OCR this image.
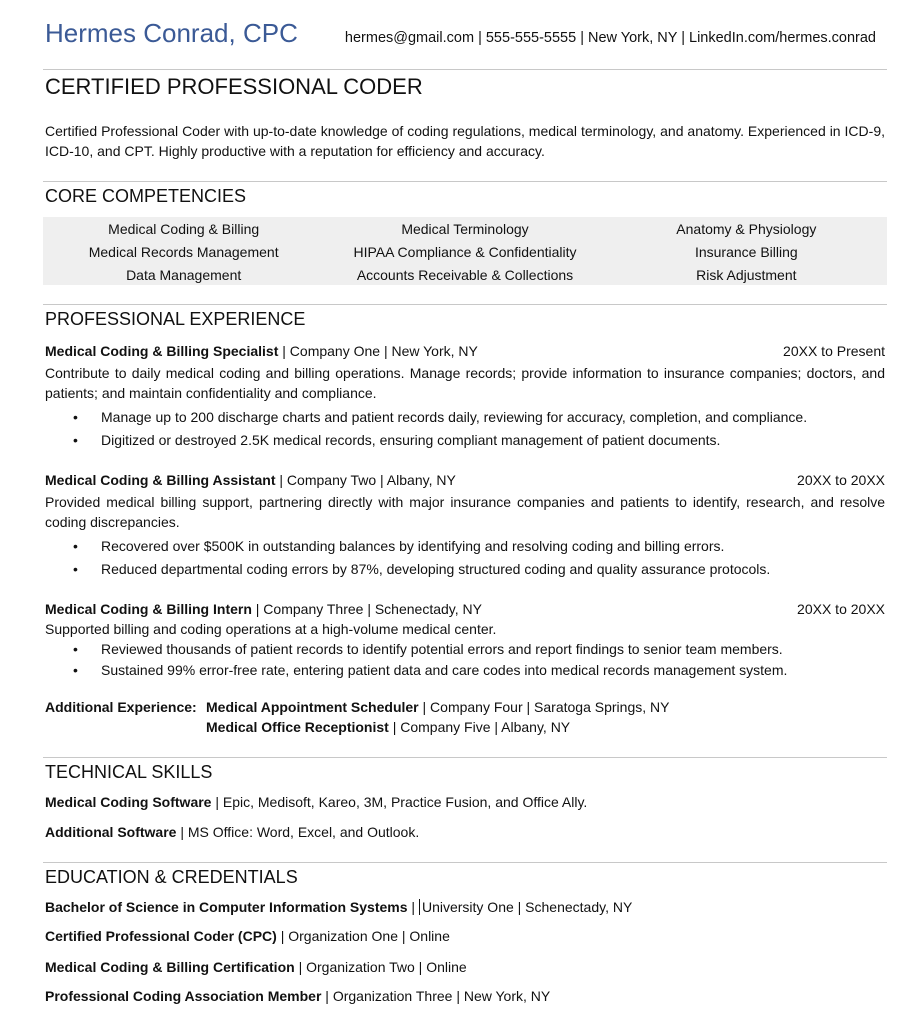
Hermes Conrad, CPC	hermes@gmail.com | 555-555-5555 | New York, NY | LinkedIn.com/hermes.conrad
CERTIFIED PROFESSIONAL CODER
Certified Professional Coder with up-to-date knowledge of coding regulations, medical terminology, and anatomy. Experienced in ICD-9, ICD-10, and CPT. Highly productive with a reputation for efficiency and accuracy.
CORE COMPETENCIES
Medical Coding & Billing	Medical Terminology	Anatomy & Physiology
Medical Records Management	HIPAA Compliance & Confidentiality	Insurance Billing
Data Management	Accounts Receivable & Collections	Risk Adjustment
PROFESSIONAL EXPERIENCE
Medical Coding & Billing Specialist | Company One | New York, NY	20XX to Present
Contribute to daily medical coding and billing operations. Manage records; provide information to insurance companies; doctors, and patients; and maintain confidentiality and compliance.
• Manage up to 200 discharge charts and patient records daily, reviewing for accuracy, completion, and compliance.
• Digitized or destroyed 2.5K medical records, ensuring compliant management of patient documents.
Medical Coding & Billing Assistant | Company Two | Albany, NY	20XX to 20XX
Provided medical billing support, partnering directly with major insurance companies and patients to identify, research, and resolve coding discrepancies.
• Recovered over $500K in outstanding balances by identifying and resolving coding and billing errors.
• Reduced departmental coding errors by 87%, developing structured coding and quality assurance protocols.
Medical Coding & Billing Intern | Company Three | Schenectady, NY	20XX to 20XX
Supported billing and coding operations at a high-volume medical center.
• Reviewed thousands of patient records to identify potential errors and report findings to senior team members.
• Sustained 99% error-free rate, entering patient data and care codes into medical records management system.
Additional Experience: Medical Appointment Scheduler | Company Four | Saratoga Springs, NY
Medical Office Receptionist | Company Five | Albany, NY
TECHNICAL SKILLS
Medical Coding Software | Epic, Medisoft, Kareo, 3M, Practice Fusion, and Office Ally.
Additional Software | MS Office: Word, Excel, and Outlook.
EDUCATION & CREDENTIALS
Bachelor of Science in Computer Information Systems | University One | Schenectady, NY
Certified Professional Coder (CPC) | Organization One | Online
Medical Coding & Billing Certification | Organization Two | Online
Professional Coding Association Member | Organization Three | New York, NY
